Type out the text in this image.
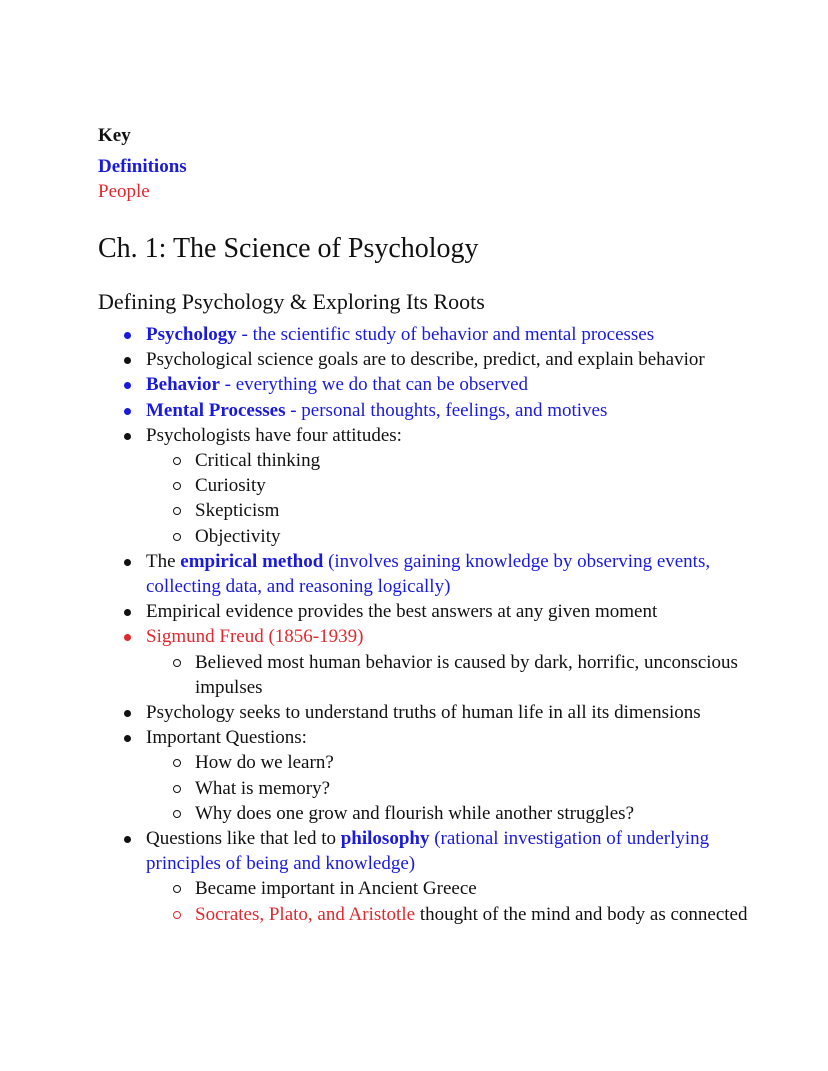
Key

Definitions

People

Ch. 1: The Science of Psychology
Defining Psychology & Exploring Its Roots
Psychology - the scientific study of behavior and mental processes
Psychological science goals are to describe, predict, and explain behavior
Behavior - everything we do that can be observed
Mental Processes - personal thoughts, feelings, and motives
Psychologists have four attitudes:
Critical thinking
Curiosity
Skepticism
Objectivity
The empirical method (involves gaining knowledge by observing events, collecting data, and reasoning logically)
Empirical evidence provides the best answers at any given moment
Sigmund Freud (1856-1939)
Believed most human behavior is caused by dark, horrific, unconscious impulses
Psychology seeks to understand truths of human life in all its dimensions
Important Questions:
How do we learn?
What is memory?
Why does one grow and flourish while another struggles?
Questions like that led to philosophy (rational investigation of underlying principles of being and knowledge)
Became important in Ancient Greece
Socrates, Plato, and Aristotle thought of the mind and body as connected
